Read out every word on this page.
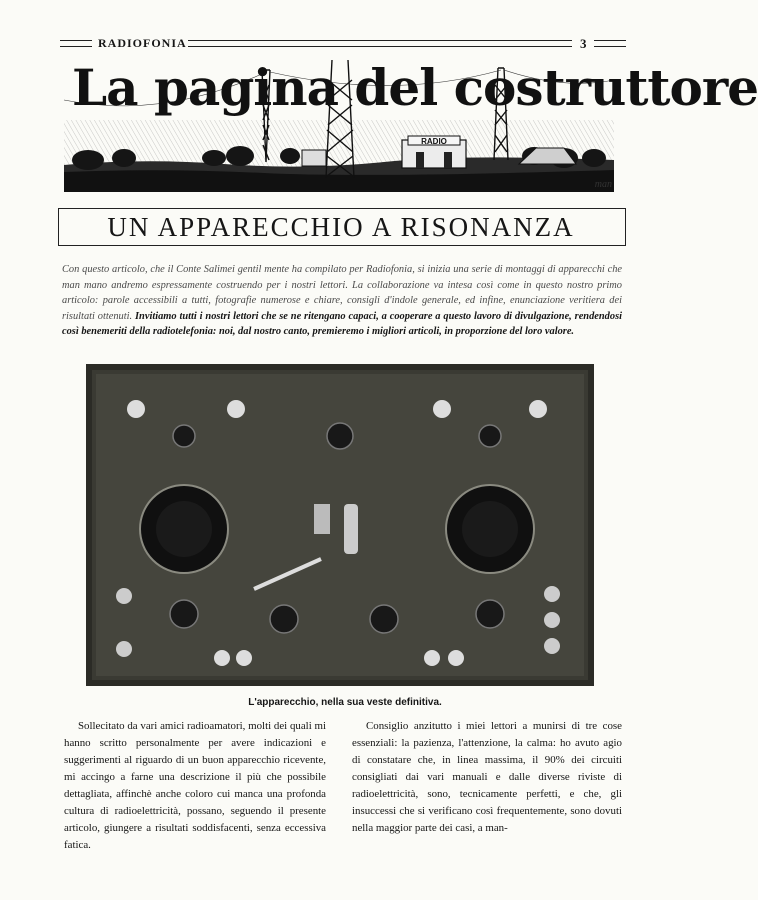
RADIOFONIA	3
RADIO
La pagina del costruttore
man
UN APPARECCHIO A RISONANZA
Con questo articolo, che il Conte Salimei gentil mente ha compilato per Radiofonia, si inizia una serie di montaggi di apparecchi che man mano andremo espressamente costruendo per i nostri lettori. La collaborazione va intesa così come in questo nostro primo articolo: parole accessibili a tutti, fotografie numerose e chiare, consigli d'indole generale, ed infine, enunciazione veritiera dei risultati ottenuti. Invitiamo tutti i nostri lettori che se ne ritengano capaci, a cooperare a questo lavoro di divulgazione, rendendosi così benemeriti della radiotelefonia: noi, dal nostro canto, premieremo i migliori articoli, in proporzione del loro valore.
L'apparecchio, nella sua veste definitiva.

Sollecitato da vari amici radioamatori, molti dei quali mi hanno scritto personalmente per avere indicazioni e suggerimenti al riguardo di un buon apparecchio ricevente, mi accingo a farne una descrizione il più che possibile dettagliata, affinchè anche coloro cui manca una profonda cultura di radioelettricità, possano, seguendo il presente articolo, giungere a risultati soddisfacenti, senza eccessiva fatica.

Consiglio anzitutto i miei lettori a munirsi di tre cose essenziali: la pazienza, l'attenzione, la calma: ho avuto agio di constatare che, in linea massima, il 90% dei circuiti consigliati dai vari manuali e dalle diverse riviste di radioelettricità, sono, tecnicamente perfetti, e che, gli insuccessi che si verificano così frequentemente, sono dovuti nella maggior parte dei casi, a man-
